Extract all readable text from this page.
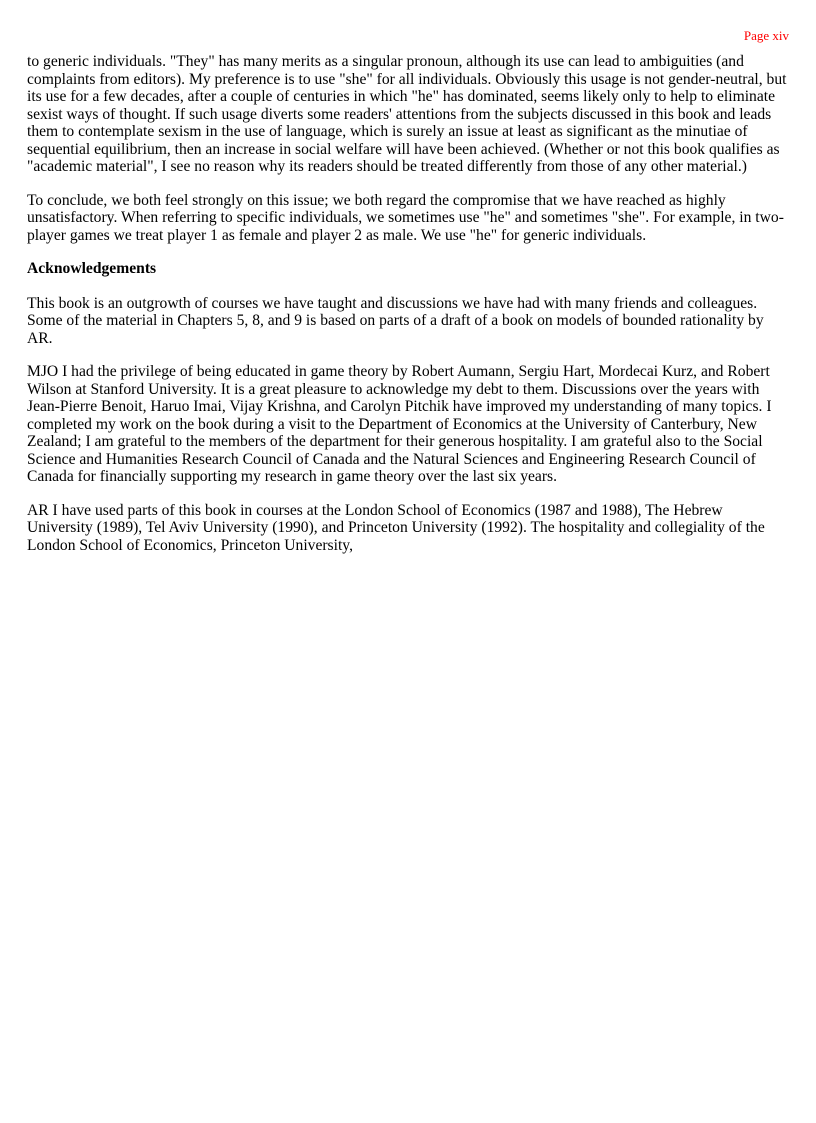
Page xiv

to generic individuals. "They" has many merits as a singular pronoun, although its use can lead to ambiguities (and complaints from editors). My preference is to use "she" for all individuals. Obviously this usage is not gender-neutral, but its use for a few decades, after a couple of centuries in which "he" has dominated, seems likely only to help to eliminate sexist ways of thought. If such usage diverts some readers' attentions from the subjects discussed in this book and leads them to contemplate sexism in the use of language, which is surely an issue at least as significant as the minutiae of sequential equilibrium, then an increase in social welfare will have been achieved. (Whether or not this book qualifies as "academic material", I see no reason why its readers should be treated differently from those of any other material.)

To conclude, we both feel strongly on this issue; we both regard the compromise that we have reached as highly unsatisfactory. When referring to specific individuals, we sometimes use "he" and sometimes "she". For example, in two-player games we treat player 1 as female and player 2 as male. We use "he" for generic individuals.

Acknowledgements

This book is an outgrowth of courses we have taught and discussions we have had with many friends and colleagues. Some of the material in Chapters 5, 8, and 9 is based on parts of a draft of a book on models of bounded rationality by AR.

MJO I had the privilege of being educated in game theory by Robert Aumann, Sergiu Hart, Mordecai Kurz, and Robert Wilson at Stanford University. It is a great pleasure to acknowledge my debt to them. Discussions over the years with Jean-Pierre Benoit, Haruo Imai, Vijay Krishna, and Carolyn Pitchik have improved my understanding of many topics. I completed my work on the book during a visit to the Department of Economics at the University of Canterbury, New Zealand; I am grateful to the members of the department for their generous hospitality. I am grateful also to the Social Science and Humanities Research Council of Canada and the Natural Sciences and Engineering Research Council of Canada for financially supporting my research in game theory over the last six years.

AR I have used parts of this book in courses at the London School of Economics (1987 and 1988), The Hebrew University (1989), Tel Aviv University (1990), and Princeton University (1992). The hospitality and collegiality of the London School of Economics, Princeton University,
